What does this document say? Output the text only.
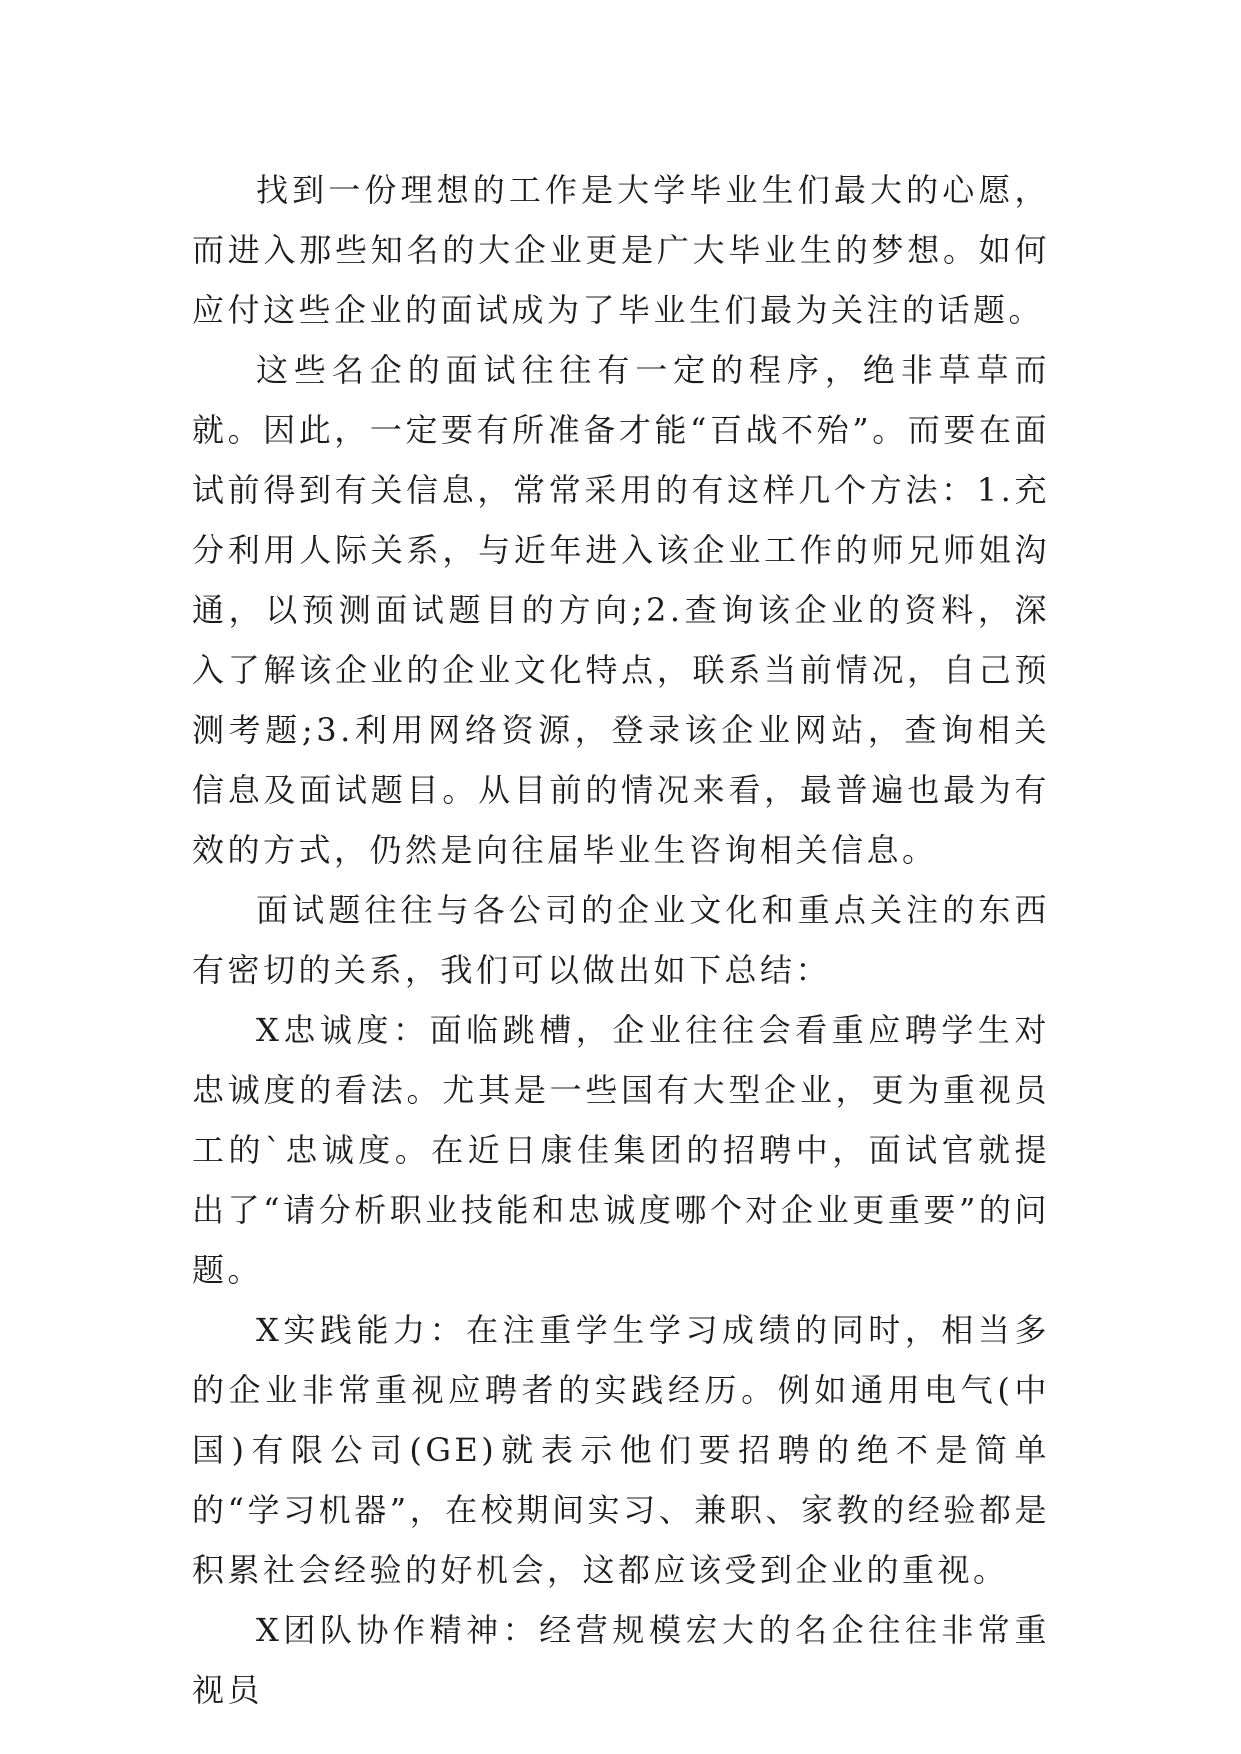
找到一份理想的工作是大学毕业生们最大的心愿，而进入那些知名的大企业更是广大毕业生的梦想。如何应付这些企业的面试成为了毕业生们最为关注的话题。

这些名企的面试往往有一定的程序，绝非草草而就。因此，一定要有所准备才能“百战不殆”。而要在面试前得到有关信息，常常采用的有这样几个方法：1.充分利用人际关系，与近年进入该企业工作的师兄师姐沟通，以预测面试题目的方向;2.查询该企业的资料，深入了解该企业的企业文化特点，联系当前情况，自己预测考题;3.利用网络资源，登录该企业网站，查询相关信息及面试题目。从目前的情况来看，最普遍也最为有效的方式，仍然是向往届毕业生咨询相关信息。

面试题往往与各公司的企业文化和重点关注的东西有密切的关系，我们可以做出如下总结：

X忠诚度：面临跳槽，企业往往会看重应聘学生对忠诚度的看法。尤其是一些国有大型企业，更为重视员工的`忠诚度。在近日康佳集团的招聘中，面试官就提出了“请分析职业技能和忠诚度哪个对企业更重要”的问题。

X实践能力：在注重学生学习成绩的同时，相当多的企业非常重视应聘者的实践经历。例如通用电气(中国)有限公司(GE)就表示他们要招聘的绝不是简单的“学习机器”，在校期间实习、兼职、家教的经验都是积累社会经验的好机会，这都应该受到企业的重视。

X团队协作精神：经营规模宏大的名企往往非常重视员
